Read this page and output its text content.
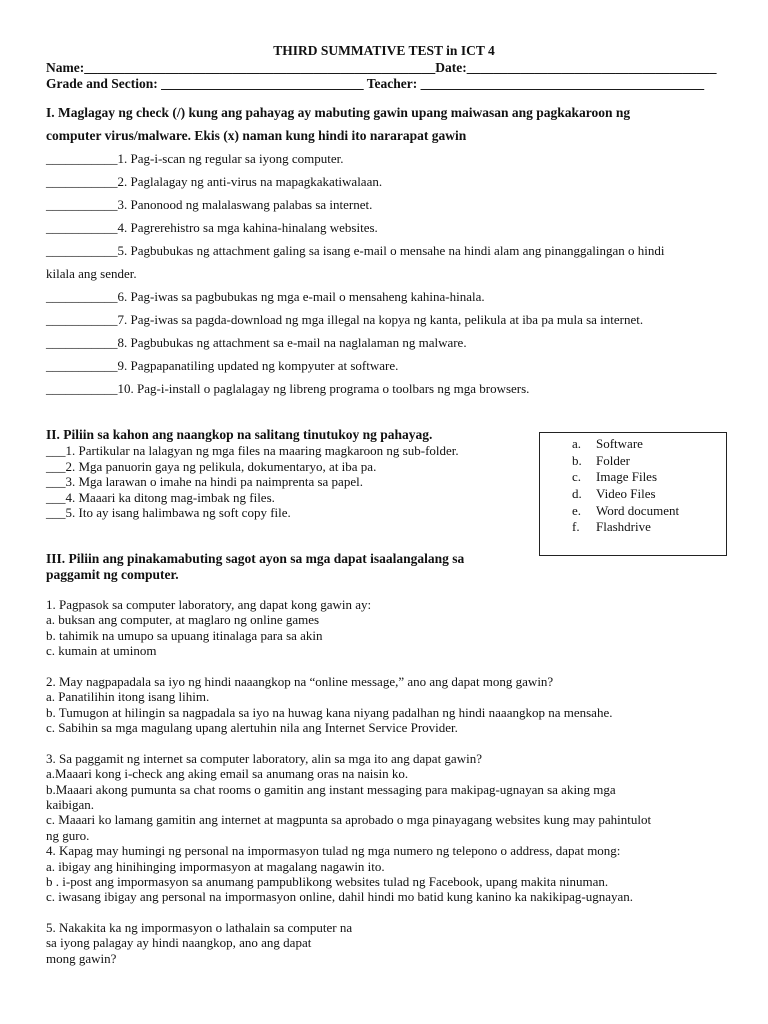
THIRD SUMMATIVE TEST in ICT 4
Name:____________________________________________________Date:_____________________________________
Grade and Section: ______________________________ Teacher: __________________________________________
I. Maglagay ng check (/) kung ang pahayag ay mabuting gawin upang maiwasan ang pagkakaroon ng
computer virus/malware. Ekis (x) naman kung hindi ito nararapat gawin
___________1. Pag-i-scan ng regular sa iyong computer.
___________2. Paglalagay ng anti-virus na mapagkakatiwalaan.
___________3. Panonood ng malalaswang palabas sa internet.
___________4. Pagrerehistro sa mga kahina-hinalang websites.
___________5. Pagbubukas ng attachment galing sa isang e-mail o mensahe na hindi alam ang pinanggalingan o hindi
kilala ang sender.
___________6. Pag-iwas sa pagbubukas ng mga e-mail o mensaheng kahina-hinala.
___________7. Pag-iwas sa pagda-download ng mga illegal na kopya ng kanta, pelikula at iba pa mula sa internet.
___________8. Pagbubukas ng attachment sa e-mail na naglalaman ng malware.
___________9. Pagpapanatiling updated ng kompyuter at software.
___________10. Pag-i-install o paglalagay ng libreng programa o toolbars ng mga browsers.
II. Piliin sa kahon ang naangkop na salitang tinutukoy ng pahayag.
___1. Partikular na lalagyan ng mga files na maaring magkaroon ng sub-folder.
___2. Mga panuorin gaya ng pelikula, dokumentaryo, at iba pa.
___3. Mga larawan o imahe na hindi pa naimprenta sa papel.
___4. Maaari ka ditong mag-imbak ng files.
___5. Ito ay isang halimbawa ng soft copy file.
a. Software
b. Folder
c. Image Files
d. Video Files
e. Word document
f. Flashdrive
III. Piliin ang pinakamabuting sagot ayon sa mga dapat isaalangalang sa
paggamit ng computer.
1. Pagpasok sa computer laboratory, ang dapat kong gawin ay:
a. buksan ang computer, at maglaro ng online games
b. tahimik na umupo sa upuang itinalaga para sa akin
c. kumain at uminom
2. May nagpapadala sa iyo ng hindi naaangkop na “online message,” ano ang dapat mong gawin?
a. Panatilihin itong isang lihim.
b. Tumugon at hilingin sa nagpadala sa iyo na huwag kana niyang padalhan ng hindi naaangkop na mensahe.
c. Sabihin sa mga magulang upang alertuhin nila ang Internet Service Provider.
3. Sa paggamit ng internet sa computer laboratory, alin sa mga ito ang dapat gawin?
a.Maaari kong i-check ang aking email sa anumang oras na naisin ko.
b.Maaari akong pumunta sa chat rooms o gamitin ang instant messaging para makipag-ugnayan sa aking mga
kaibigan.
c. Maaari ko lamang gamitin ang internet at magpunta sa aprobado o mga pinayagang websites kung may pahintulot
ng guro.
4. Kapag may humingi ng personal na impormasyon tulad ng mga numero ng telepono o address, dapat mong:
a. ibigay ang hinihinging impormasyon at magalang nagawin ito.
b . i-post ang impormasyon sa anumang pampublikong websites tulad ng Facebook, upang makita ninuman.
c. iwasang ibigay ang personal na impormasyon online, dahil hindi mo batid kung kanino ka nakikipag-ugnayan.
5. Nakakita ka ng impormasyon o lathalain sa computer na
sa iyong palagay ay hindi naangkop, ano ang dapat
mong gawin?
